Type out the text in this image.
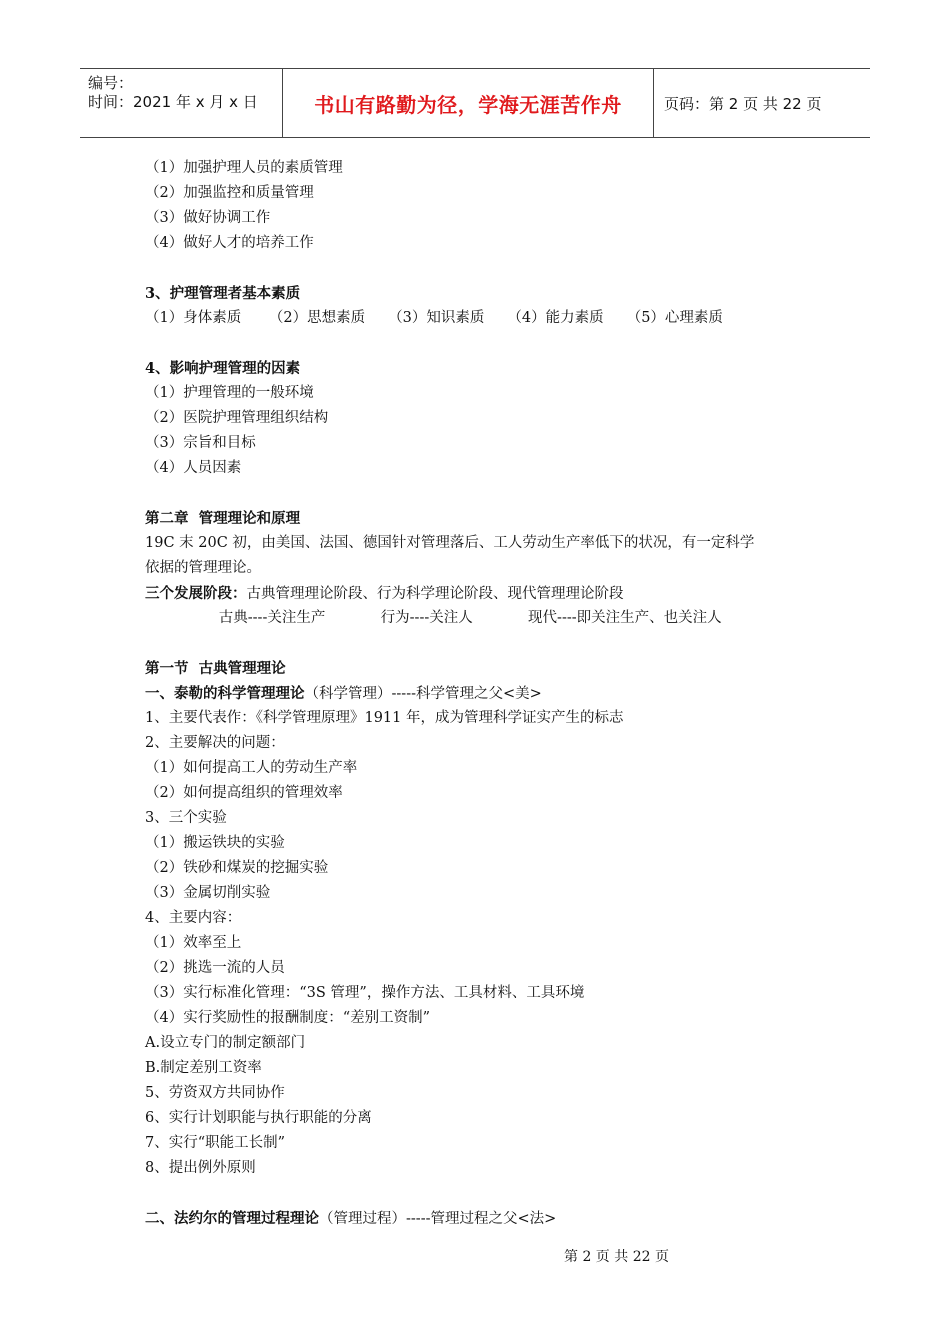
编号：
时间：2021 年 x 月 x 日	书山有路勤为径，学海无涯苦作舟	页码：第 2 页 共 22 页
（1）加强护理人员的素质管理
（2）加强监控和质量管理
（3）做好协调工作
（4）做好人才的培养工作
3、护理管理者基本素质
（1）身体素质      （2）思想素质     （3）知识素质     （4）能力素质     （5）心理素质
4、影响护理管理的因素
（1）护理管理的一般环境
（2）医院护理管理组织结构
（3）宗旨和目标
（4）人员因素
第二章  管理理论和原理
19C 末 20C 初，由美国、法国、德国针对管理落后、工人劳动生产率低下的状况，有一定科学
依据的管理理论。
三个发展阶段：古典管理理论阶段、行为科学理论阶段、现代管理理论阶段
古典----关注生产            行为----关注人            现代----即关注生产、也关注人
第一节  古典管理理论
一、泰勒的科学管理理论（科学管理）-----科学管理之父<美>
1、主要代表作：《科学管理原理》1911 年，成为管理科学证实产生的标志
2、主要解决的问题：
（1）如何提高工人的劳动生产率
（2）如何提高组织的管理效率
3、三个实验
（1）搬运铁块的实验
（2）铁砂和煤炭的挖掘实验
（3）金属切削实验
4、主要内容：
（1）效率至上
（2）挑选一流的人员
（3）实行标准化管理：“3S 管理”，操作方法、工具材料、工具环境
（4）实行奖励性的报酬制度：“差别工资制”
A.设立专门的制定额部门
B.制定差别工资率
5、劳资双方共同协作
6、实行计划职能与执行职能的分离
7、实行“职能工长制”
8、提出例外原则
二、法约尔的管理过程理论（管理过程）-----管理过程之父<法>
第 2 页 共 22 页
